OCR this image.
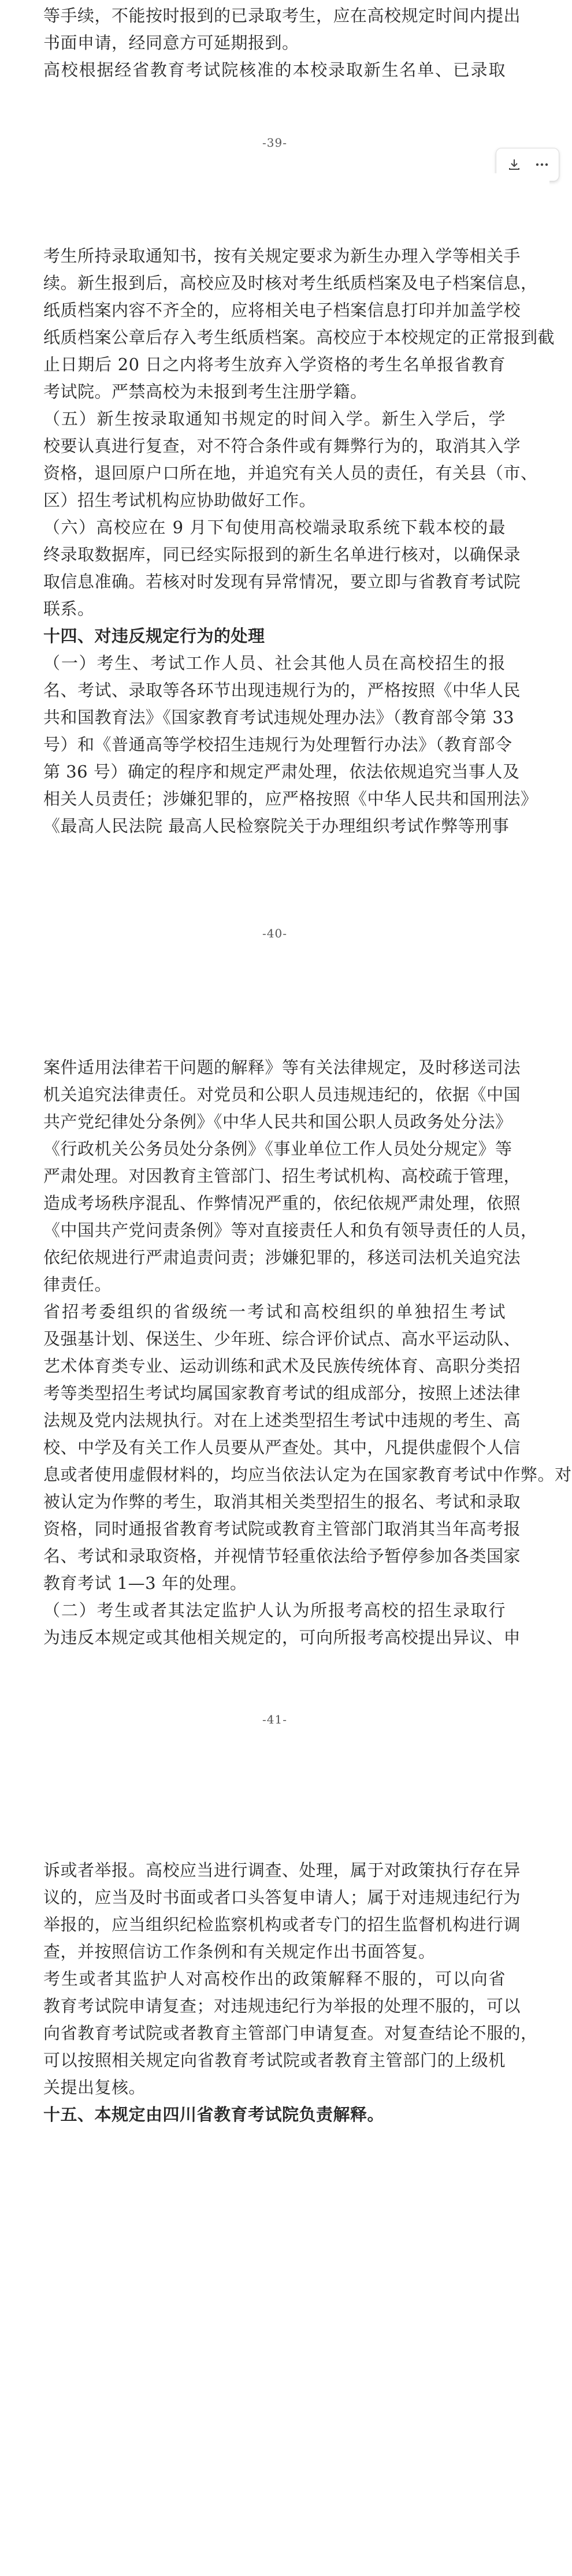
等手续，不能按时报到的已录取考生，应在高校规定时间内提出

书面申请，经同意方可延期报到。

高校根据经省教育考试院核准的本校录取新生名单、已录取

-39-

考生所持录取通知书，按有关规定要求为新生办理入学等相关手

续。新生报到后，高校应及时核对考生纸质档案及电子档案信息，

纸质档案内容不齐全的，应将相关电子档案信息打印并加盖学校

纸质档案公章后存入考生纸质档案。高校应于本校规定的正常报到截

止日期后 20 日之内将考生放弃入学资格的考生名单报省教育

考试院。严禁高校为未报到考生注册学籍。

（五）新生按录取通知书规定的时间入学。新生入学后，学

校要认真进行复查，对不符合条件或有舞弊行为的，取消其入学

资格，退回原户口所在地，并追究有关人员的责任，有关县（市、

区）招生考试机构应协助做好工作。

（六）高校应在 9 月下旬使用高校端录取系统下载本校的最

终录取数据库，同已经实际报到的新生名单进行核对，以确保录

取信息准确。若核对时发现有异常情况，要立即与省教育考试院

联系。

十四、对违反规定行为的处理

（一）考生、考试工作人员、社会其他人员在高校招生的报

名、考试、录取等各环节出现违规行为的，严格按照《中华人民

共和国教育法》《国家教育考试违规处理办法》（教育部令第 33

号）和《普通高等学校招生违规行为处理暂行办法》（教育部令

第 36 号）确定的程序和规定严肃处理，依法依规追究当事人及

相关人员责任；涉嫌犯罪的，应严格按照《中华人民共和国刑法》

《最高人民法院 最高人民检察院关于办理组织考试作弊等刑事

-40-

案件适用法律若干问题的解释》等有关法律规定，及时移送司法

机关追究法律责任。对党员和公职人员违规违纪的，依据《中国

共产党纪律处分条例》《中华人民共和国公职人员政务处分法》

《行政机关公务员处分条例》《事业单位工作人员处分规定》等

严肃处理。对因教育主管部门、招生考试机构、高校疏于管理，

造成考场秩序混乱、作弊情况严重的，依纪依规严肃处理，依照

《中国共产党问责条例》等对直接责任人和负有领导责任的人员，

依纪依规进行严肃追责问责；涉嫌犯罪的，移送司法机关追究法

律责任。

省招考委组织的省级统一考试和高校组织的单独招生考试

及强基计划、保送生、少年班、综合评价试点、高水平运动队、

艺术体育类专业、运动训练和武术及民族传统体育、高职分类招

考等类型招生考试均属国家教育考试的组成部分，按照上述法律

法规及党内法规执行。对在上述类型招生考试中违规的考生、高

校、中学及有关工作人员要从严查处。其中，凡提供虚假个人信

息或者使用虚假材料的，均应当依法认定为在国家教育考试中作弊。对

被认定为作弊的考生，取消其相关类型招生的报名、考试和录取

资格，同时通报省教育考试院或教育主管部门取消其当年高考报

名、考试和录取资格，并视情节轻重依法给予暂停参加各类国家

教育考试 1—3 年的处理。

（二）考生或者其法定监护人认为所报考高校的招生录取行

为违反本规定或其他相关规定的，可向所报考高校提出异议、申

-41-

诉或者举报。高校应当进行调查、处理，属于对政策执行存在异

议的，应当及时书面或者口头答复申请人；属于对违规违纪行为

举报的，应当组织纪检监察机构或者专门的招生监督机构进行调

查，并按照信访工作条例和有关规定作出书面答复。

考生或者其监护人对高校作出的政策解释不服的，可以向省

教育考试院申请复查；对违规违纪行为举报的处理不服的，可以

向省教育考试院或者教育主管部门申请复查。对复查结论不服的，

可以按照相关规定向省教育考试院或者教育主管部门的上级机

关提出复核。

十五、本规定由四川省教育考试院负责解释。
